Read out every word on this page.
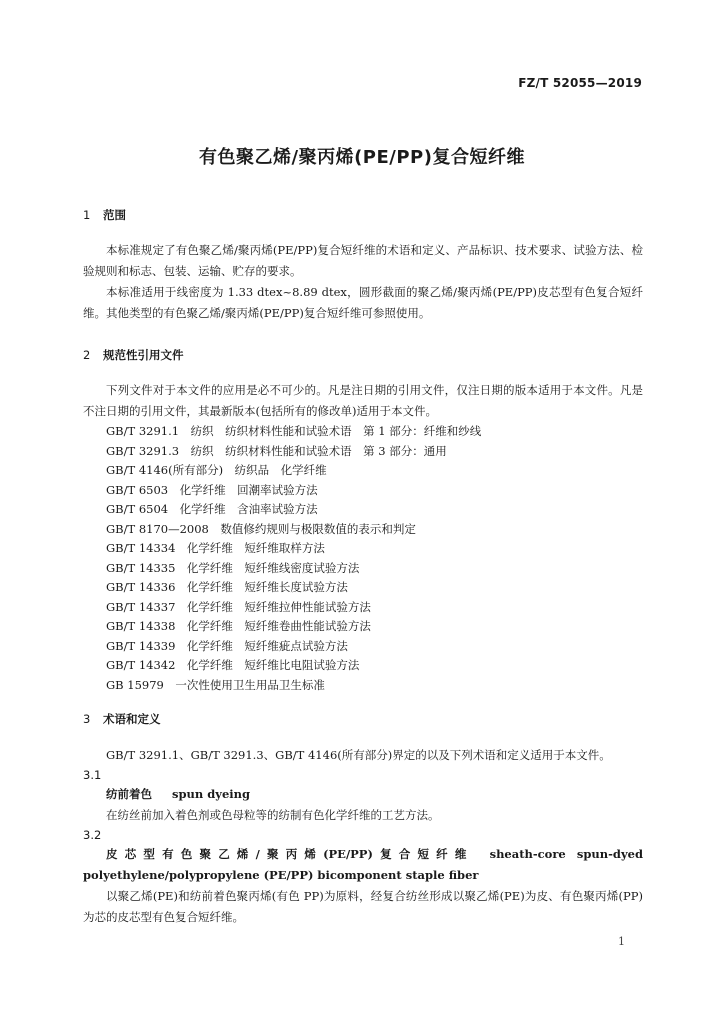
FZ/T 52055—2019
有色聚乙烯/聚丙烯(PE/PP)复合短纤维
1 范围

本标准规定了有色聚乙烯/聚丙烯(PE/PP)复合短纤维的术语和定义、产品标识、技术要求、试验方法、检验规则和标志、包装、运输、贮存的要求。

本标准适用于线密度为 1.33 dtex~8.89 dtex，圆形截面的聚乙烯/聚丙烯(PE/PP)皮芯型有色复合短纤维。其他类型的有色聚乙烯/聚丙烯(PE/PP)复合短纤维可参照使用。

2 规范性引用文件

下列文件对于本文件的应用是必不可少的。凡是注日期的引用文件，仅注日期的版本适用于本文件。凡是不注日期的引用文件，其最新版本(包括所有的修改单)适用于本文件。

GB/T 3291.1　纺织　纺织材料性能和试验术语　第 1 部分：纤维和纱线
GB/T 3291.3　纺织　纺织材料性能和试验术语　第 3 部分：通用
GB/T 4146(所有部分)　纺织品　化学纤维
GB/T 6503　化学纤维　回潮率试验方法
GB/T 6504　化学纤维　含油率试验方法
GB/T 8170—2008　数值修约规则与极限数值的表示和判定
GB/T 14334　化学纤维　短纤维取样方法
GB/T 14335　化学纤维　短纤维线密度试验方法
GB/T 14336　化学纤维　短纤维长度试验方法
GB/T 14337　化学纤维　短纤维拉伸性能试验方法
GB/T 14338　化学纤维　短纤维卷曲性能试验方法
GB/T 14339　化学纤维　短纤维疵点试验方法
GB/T 14342　化学纤维　短纤维比电阻试验方法
GB 15979　一次性使用卫生用品卫生标准
3 术语和定义

GB/T 3291.1、GB/T 3291.3、GB/T 4146(所有部分)界定的以及下列术语和定义适用于本文件。

3.1
纺前着色 spun dyeing

在纺丝前加入着色剂或色母粒等的纺制有色化学纤维的工艺方法。

3.2

皮芯型有色聚乙烯/聚丙烯(PE/PP)复合短纤维 sheath-core spun-dyed polyethylene/polypropylene (PE/PP) bicomponent staple fiber

以聚乙烯(PE)和纺前着色聚丙烯(有色 PP)为原料，经复合纺丝形成以聚乙烯(PE)为皮、有色聚丙烯(PP)为芯的皮芯型有色复合短纤维。

1
